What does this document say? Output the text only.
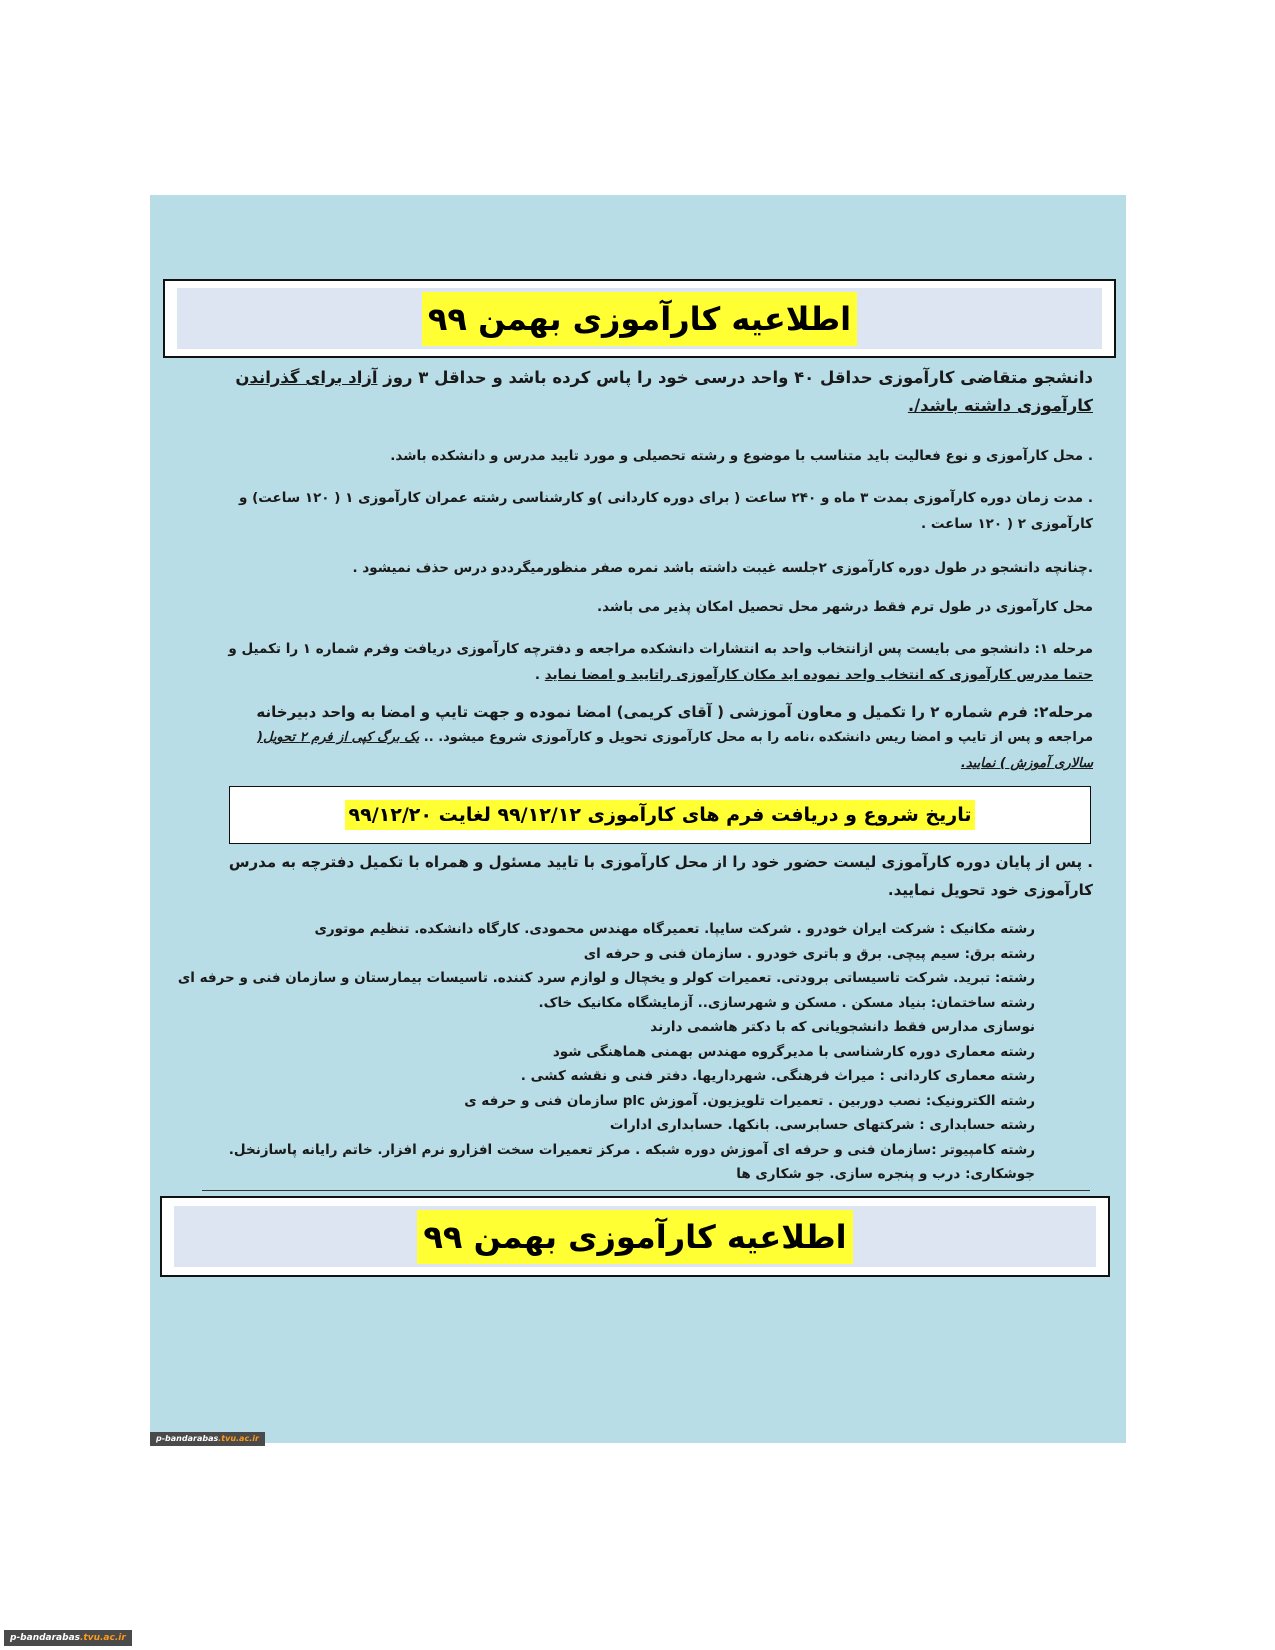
اطلاعیه کارآموزی بهمن ۹۹
دانشجو متقاضی کارآموزی حداقل ۴۰ واحد درسی خود را پاس کرده باشد و حداقل ۳ روز آزاد برای گذراندن کارآموزی داشته باشد/.
. محل کارآموزی و نوع فعالیت باید متناسب با موضوع و رشته تحصیلی و مورد تایید مدرس و دانشکده باشد.
. مدت زمان دوره کارآموزی بمدت ۳ ماه و ۲۴۰ ساعت ( برای دوره کاردانی )و کارشناسی رشته عمران کارآموزی ۱ ( ۱۲۰ ساعت) و کارآموزی ۲ ( ۱۲۰ ساعت .
.چنانچه دانشجو در طول دوره کارآموزی ۲جلسه غیبت داشته باشد نمره صفر منظورمیگرددو درس حذف نمیشود .
محل کارآموزی در طول ترم فقط درشهر محل تحصیل امکان پذیر می باشد.
مرحله ۱: دانشجو می بایست پس ازانتخاب واحد به انتشارات دانشکده مراجعه و دفترچه کارآموزی دریافت وفرم شماره ۱ را تکمیل و حتما مدرس کارآموزی که انتخاب واحد نموده اید مکان کارآموزی راتایید و امضا نماید .
مرحله۲: فرم شماره ۲ را تکمیل و معاون آموزشی ( آقای کریمی) امضا نموده و جهت تایپ و امضا به واحد دبیرخانه مراجعه و پس از تایپ و امضا ریس دانشکده ،نامه را به محل کارآموزی تحویل و کارآموزی شروع میشود. .. یک برگ کپی از فرم ۲ تحویل( سالاری آموزش ) نمایید.
تاریخ شروع و دریافت فرم های کارآموزی ۹۹/۱۲/۱۲ لغایت ۹۹/۱۲/۲۰
. پس از پایان دوره کارآموزی لیست حضور خود را از محل کارآموزی با تایید مسئول و همراه با تکمیل دفترچه به مدرس کارآموزی خود تحویل نمایید.
رشته مکانیک : شرکت ایران خودرو . شرکت سایپا. تعمیرگاه مهندس محمودی. کارگاه دانشکده. تنظیم موتوری
رشته برق: سیم پیچی. برق و باتری خودرو . سازمان فنی و حرفه ای
رشته: تبرید. شرکت تاسیساتی برودتی. تعمیرات کولر و یخچال و لوازم سرد کننده. تاسیسات بیمارستان و سازمان فنی و حرفه ای
رشته ساختمان: بنیاد مسکن . مسکن و شهرسازی.. آزمایشگاه مکانیک خاک.
نوسازی مدارس فقط دانشجویانی که با دکتر هاشمی دارند
رشته معماری دوره کارشناسی با مدیرگروه مهندس بهمنی هماهنگی شود
رشته معماری کاردانی : میراث فرهنگی. شهرداریها. دفتر فنی و نقشه کشی .
رشته الکترونیک: نصب دوربین . تعمیرات تلویزیون. آموزش plc سازمان فنی و حرفه ی
رشته حسابداری : شرکتهای حسابرسی. بانکها. حسابداری ادارات
رشته کامپیوتر :سازمان فنی و حرفه ای آموزش دوره شبکه . مرکز تعمیرات سخت افزارو نرم افزار. خاتم رایانه پاسازنخل.
جوشکاری: درب و پنجره سازی. جو شکاری ها
اطلاعیه کارآموزی بهمن ۹۹
p-bandarabas.tvu.ac.ir
p-bandarabas.tvu.ac.ir
